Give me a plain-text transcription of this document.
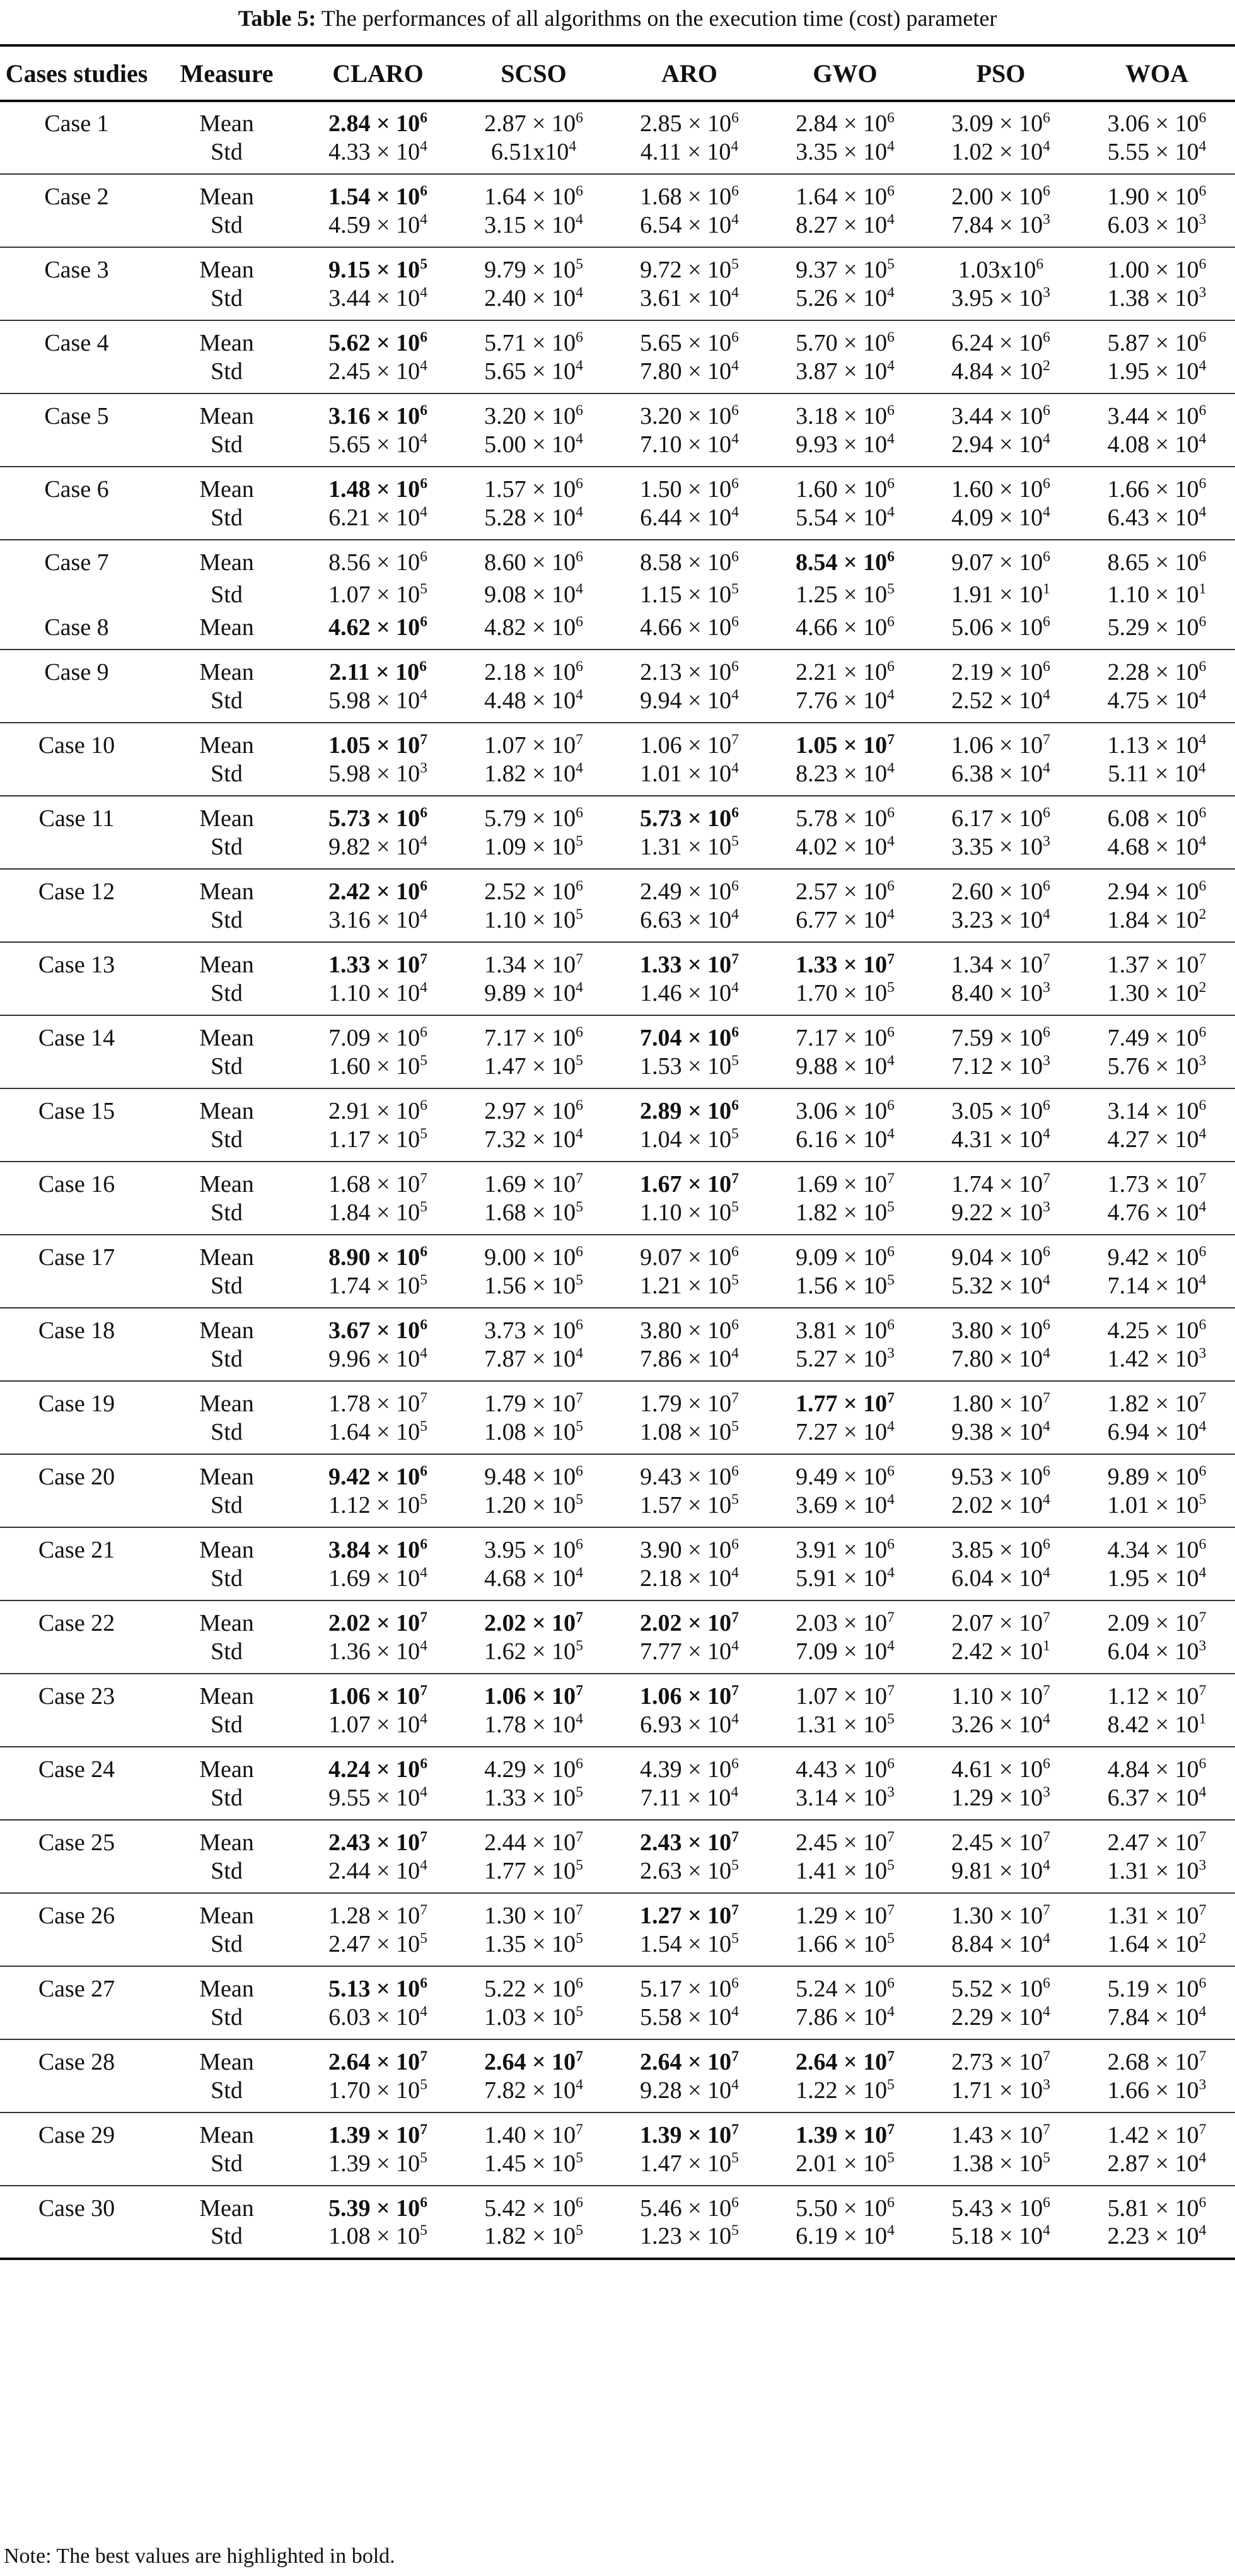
Table 5: The performances of all algorithms on the execution time (cost) parameter
Cases studies	Measure	CLARO	SCSO	ARO	GWO	PSO	WOA
Case 1	Mean	$2.84 \times 10^6$	$2.87 \times 10^6$	$2.85 \times 10^6$	$2.84 \times 10^6$	$3.09 \times 10^6$	$3.06 \times 10^6$
	Std	$4.33 \times 10^4$	$6.51x10^4$	$4.11 \times 10^4$	$3.35 \times 10^4$	$1.02 \times 10^4$	$5.55 \times 10^4$
Case 2	Mean	$1.54 \times 10^6$	$1.64 \times 10^6$	$1.68 \times 10^6$	$1.64 \times 10^6$	$2.00 \times 10^6$	$1.90 \times 10^6$
	Std	$4.59 \times 10^4$	$3.15 \times 10^4$	$6.54 \times 10^4$	$8.27 \times 10^4$	$7.84 \times 10^3$	$6.03 \times 10^3$
Case 3	Mean	$9.15 \times 10^5$	$9.79 \times 10^5$	$9.72 \times 10^5$	$9.37 \times 10^5$	$1.03x10^6$	$1.00 \times 10^6$
	Std	$3.44 \times 10^4$	$2.40 \times 10^4$	$3.61 \times 10^4$	$5.26 \times 10^4$	$3.95 \times 10^3$	$1.38 \times 10^3$
Case 4	Mean	$5.62 \times 10^6$	$5.71 \times 10^6$	$5.65 \times 10^6$	$5.70 \times 10^6$	$6.24 \times 10^6$	$5.87 \times 10^6$
	Std	$2.45 \times 10^4$	$5.65 \times 10^4$	$7.80 \times 10^4$	$3.87 \times 10^4$	$4.84 \times 10^2$	$1.95 \times 10^4$
Case 5	Mean	$3.16 \times 10^6$	$3.20 \times 10^6$	$3.20 \times 10^6$	$3.18 \times 10^6$	$3.44 \times 10^6$	$3.44 \times 10^6$
	Std	$5.65 \times 10^4$	$5.00 \times 10^4$	$7.10 \times 10^4$	$9.93 \times 10^4$	$2.94 \times 10^4$	$4.08 \times 10^4$
Case 6	Mean	$1.48 \times 10^6$	$1.57 \times 10^6$	$1.50 \times 10^6$	$1.60 \times 10^6$	$1.60 \times 10^6$	$1.66 \times 10^6$
	Std	$6.21 \times 10^4$	$5.28 \times 10^4$	$6.44 \times 10^4$	$5.54 \times 10^4$	$4.09 \times 10^4$	$6.43 \times 10^4$
Case 7	Mean	$8.56 \times 10^6$	$8.60 \times 10^6$	$8.58 \times 10^6$	$8.54 \times 10^6$	$9.07 \times 10^6$	$8.65 \times 10^6$
	Std	$1.07 \times 10^5$	$9.08 \times 10^4$	$1.15 \times 10^5$	$1.25 \times 10^5$	$1.91 \times 10^1$	$1.10 \times 10^1$
Case 8	Mean	$4.62 \times 10^6$	$4.82 \times 10^6$	$4.66 \times 10^6$	$4.66 \times 10^6$	$5.06 \times 10^6$	$5.29 \times 10^6$
Case 9	Mean	$2.11 \times 10^6$	$2.18 \times 10^6$	$2.13 \times 10^6$	$2.21 \times 10^6$	$2.19 \times 10^6$	$2.28 \times 10^6$
	Std	$5.98 \times 10^4$	$4.48 \times 10^4$	$9.94 \times 10^4$	$7.76 \times 10^4$	$2.52 \times 10^4$	$4.75 \times 10^4$
Case 10	Mean	$1.05 \times 10^7$	$1.07 \times 10^7$	$1.06 \times 10^7$	$1.05 \times 10^7$	$1.06 \times 10^7$	$1.13 \times 10^4$
	Std	$5.98 \times 10^3$	$1.82 \times 10^4$	$1.01 \times 10^4$	$8.23 \times 10^4$	$6.38 \times 10^4$	$5.11 \times 10^4$
Case 11	Mean	$5.73 \times 10^6$	$5.79 \times 10^6$	$5.73 \times 10^6$	$5.78 \times 10^6$	$6.17 \times 10^6$	$6.08 \times 10^6$
	Std	$9.82 \times 10^4$	$1.09 \times 10^5$	$1.31 \times 10^5$	$4.02 \times 10^4$	$3.35 \times 10^3$	$4.68 \times 10^4$
Case 12	Mean	$2.42 \times 10^6$	$2.52 \times 10^6$	$2.49 \times 10^6$	$2.57 \times 10^6$	$2.60 \times 10^6$	$2.94 \times 10^6$
	Std	$3.16 \times 10^4$	$1.10 \times 10^5$	$6.63 \times 10^4$	$6.77 \times 10^4$	$3.23 \times 10^4$	$1.84 \times 10^2$
Case 13	Mean	$1.33 \times 10^7$	$1.34 \times 10^7$	$1.33 \times 10^7$	$1.33 \times 10^7$	$1.34 \times 10^7$	$1.37 \times 10^7$
	Std	$1.10 \times 10^4$	$9.89 \times 10^4$	$1.46 \times 10^4$	$1.70 \times 10^5$	$8.40 \times 10^3$	$1.30 \times 10^2$
Case 14	Mean	$7.09 \times 10^6$	$7.17 \times 10^6$	$7.04 \times 10^6$	$7.17 \times 10^6$	$7.59 \times 10^6$	$7.49 \times 10^6$
	Std	$1.60 \times 10^5$	$1.47 \times 10^5$	$1.53 \times 10^5$	$9.88 \times 10^4$	$7.12 \times 10^3$	$5.76 \times 10^3$
Case 15	Mean	$2.91 \times 10^6$	$2.97 \times 10^6$	$2.89 \times 10^6$	$3.06 \times 10^6$	$3.05 \times 10^6$	$3.14 \times 10^6$
	Std	$1.17 \times 10^5$	$7.32 \times 10^4$	$1.04 \times 10^5$	$6.16 \times 10^4$	$4.31 \times 10^4$	$4.27 \times 10^4$
Case 16	Mean	$1.68 \times 10^7$	$1.69 \times 10^7$	$1.67 \times 10^7$	$1.69 \times 10^7$	$1.74 \times 10^7$	$1.73 \times 10^7$
	Std	$1.84 \times 10^5$	$1.68 \times 10^5$	$1.10 \times 10^5$	$1.82 \times 10^5$	$9.22 \times 10^3$	$4.76 \times 10^4$
Case 17	Mean	$8.90 \times 10^6$	$9.00 \times 10^6$	$9.07 \times 10^6$	$9.09 \times 10^6$	$9.04 \times 10^6$	$9.42 \times 10^6$
	Std	$1.74 \times 10^5$	$1.56 \times 10^5$	$1.21 \times 10^5$	$1.56 \times 10^5$	$5.32 \times 10^4$	$7.14 \times 10^4$
Case 18	Mean	$3.67 \times 10^6$	$3.73 \times 10^6$	$3.80 \times 10^6$	$3.81 \times 10^6$	$3.80 \times 10^6$	$4.25 \times 10^6$
	Std	$9.96 \times 10^4$	$7.87 \times 10^4$	$7.86 \times 10^4$	$5.27 \times 10^3$	$7.80 \times 10^4$	$1.42 \times 10^3$
Case 19	Mean	$1.78 \times 10^7$	$1.79 \times 10^7$	$1.79 \times 10^7$	$1.77 \times 10^7$	$1.80 \times 10^7$	$1.82 \times 10^7$
	Std	$1.64 \times 10^5$	$1.08 \times 10^5$	$1.08 \times 10^5$	$7.27 \times 10^4$	$9.38 \times 10^4$	$6.94 \times 10^4$
Case 20	Mean	$9.42 \times 10^6$	$9.48 \times 10^6$	$9.43 \times 10^6$	$9.49 \times 10^6$	$9.53 \times 10^6$	$9.89 \times 10^6$
	Std	$1.12 \times 10^5$	$1.20 \times 10^5$	$1.57 \times 10^5$	$3.69 \times 10^4$	$2.02 \times 10^4$	$1.01 \times 10^5$
Case 21	Mean	$3.84 \times 10^6$	$3.95 \times 10^6$	$3.90 \times 10^6$	$3.91 \times 10^6$	$3.85 \times 10^6$	$4.34 \times 10^6$
	Std	$1.69 \times 10^4$	$4.68 \times 10^4$	$2.18 \times 10^4$	$5.91 \times 10^4$	$6.04 \times 10^4$	$1.95 \times 10^4$
Case 22	Mean	$2.02 \times 10^7$	$2.02 \times 10^7$	$2.02 \times 10^7$	$2.03 \times 10^7$	$2.07 \times 10^7$	$2.09 \times 10^7$
	Std	$1.36 \times 10^4$	$1.62 \times 10^5$	$7.77 \times 10^4$	$7.09 \times 10^4$	$2.42 \times 10^1$	$6.04 \times 10^3$
Case 23	Mean	$1.06 \times 10^7$	$1.06 \times 10^7$	$1.06 \times 10^7$	$1.07 \times 10^7$	$1.10 \times 10^7$	$1.12 \times 10^7$
	Std	$1.07 \times 10^4$	$1.78 \times 10^4$	$6.93 \times 10^4$	$1.31 \times 10^5$	$3.26 \times 10^4$	$8.42 \times 10^1$
Case 24	Mean	$4.24 \times 10^6$	$4.29 \times 10^6$	$4.39 \times 10^6$	$4.43 \times 10^6$	$4.61 \times 10^6$	$4.84 \times 10^6$
	Std	$9.55 \times 10^4$	$1.33 \times 10^5$	$7.11 \times 10^4$	$3.14 \times 10^3$	$1.29 \times 10^3$	$6.37 \times 10^4$
Case 25	Mean	$2.43 \times 10^7$	$2.44 \times 10^7$	$2.43 \times 10^7$	$2.45 \times 10^7$	$2.45 \times 10^7$	$2.47 \times 10^7$
	Std	$2.44 \times 10^4$	$1.77 \times 10^5$	$2.63 \times 10^5$	$1.41 \times 10^5$	$9.81 \times 10^4$	$1.31 \times 10^3$
Case 26	Mean	$1.28 \times 10^7$	$1.30 \times 10^7$	$1.27 \times 10^7$	$1.29 \times 10^7$	$1.30 \times 10^7$	$1.31 \times 10^7$
	Std	$2.47 \times 10^5$	$1.35 \times 10^5$	$1.54 \times 10^5$	$1.66 \times 10^5$	$8.84 \times 10^4$	$1.64 \times 10^2$
Case 27	Mean	$5.13 \times 10^6$	$5.22 \times 10^6$	$5.17 \times 10^6$	$5.24 \times 10^6$	$5.52 \times 10^6$	$5.19 \times 10^6$
	Std	$6.03 \times 10^4$	$1.03 \times 10^5$	$5.58 \times 10^4$	$7.86 \times 10^4$	$2.29 \times 10^4$	$7.84 \times 10^4$
Case 28	Mean	$2.64 \times 10^7$	$2.64 \times 10^7$	$2.64 \times 10^7$	$2.64 \times 10^7$	$2.73 \times 10^7$	$2.68 \times 10^7$
	Std	$1.70 \times 10^5$	$7.82 \times 10^4$	$9.28 \times 10^4$	$1.22 \times 10^5$	$1.71 \times 10^3$	$1.66 \times 10^3$
Case 29	Mean	$1.39 \times 10^7$	$1.40 \times 10^7$	$1.39 \times 10^7$	$1.39 \times 10^7$	$1.43 \times 10^7$	$1.42 \times 10^7$
	Std	$1.39 \times 10^5$	$1.45 \times 10^5$	$1.47 \times 10^5$	$2.01 \times 10^5$	$1.38 \times 10^5$	$2.87 \times 10^4$
Case 30	Mean	$5.39 \times 10^6$	$5.42 \times 10^6$	$5.46 \times 10^6$	$5.50 \times 10^6$	$5.43 \times 10^6$	$5.81 \times 10^6$
	Std	$1.08 \times 10^5$	$1.82 \times 10^5$	$1.23 \times 10^5$	$6.19 \times 10^4$	$5.18 \times 10^4$	$2.23 \times 10^4$
Note: The best values are highlighted in bold.
